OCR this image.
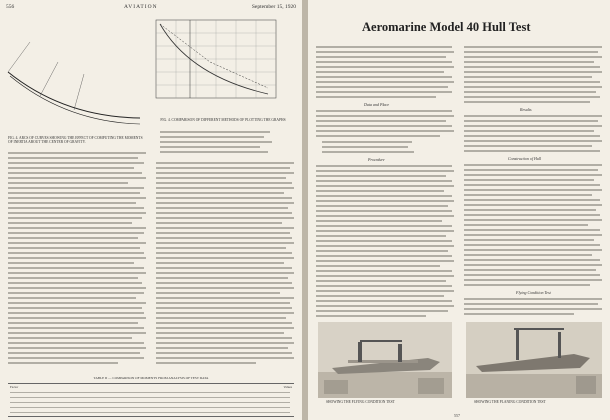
556	AVIATION	September 15, 1920
FIG. 4. COMPARISON OF DIFFERENT METHODS OF PLOTTING THE GRAPHS
FIG. 4. ARCS OF CURVES SHOWING THE EFFECT OF COMPUTING THE MOMENTS OF INERTIA ABOUT THE CENTER OF GRAVITY.
TABLE II — COMPARISON OF MOMENTS FROM ANALYSIS OF TEST DATA
Factor	Values
Aeromarine Model 40 Hull Test
Data and Place
Procedure
Results
Construction of Hull
Flying Condition Test
SHOWING THE FLYING CONDITION TEST	SHOWING THE PLANING CONDITION TEST
557
